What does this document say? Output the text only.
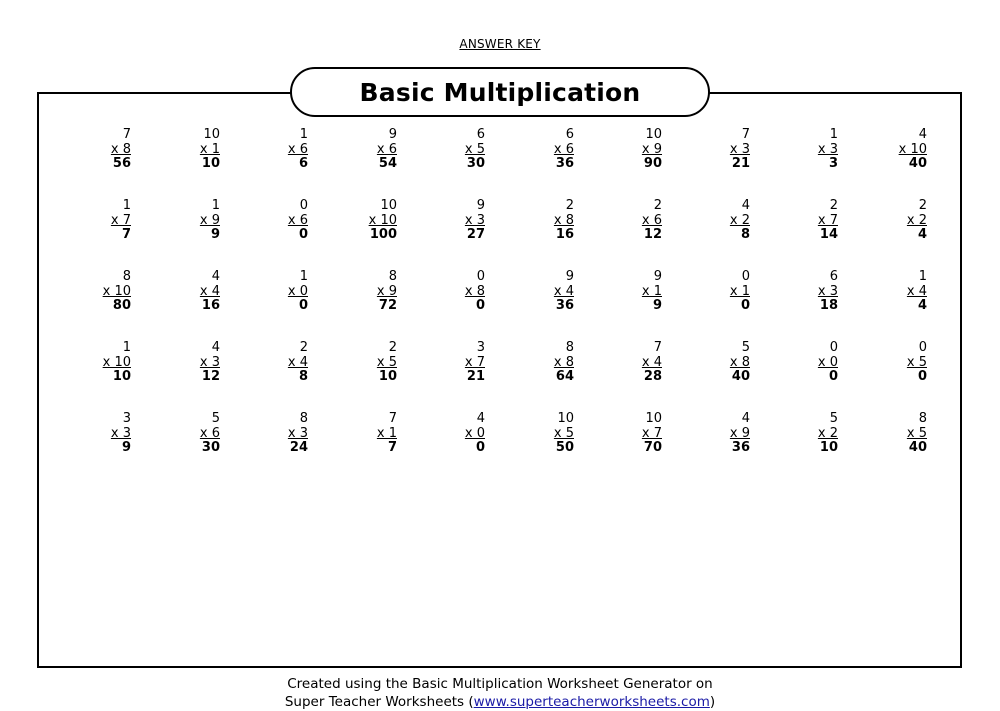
ANSWER KEY
Basic Multiplication
7
x 8
56
10
x 1
10
1
x 6
6
9
x 6
54
6
x 5
30
6
x 6
36
10
x 9
90
7
x 3
21
1
x 3
3
4
x 10
40
1
x 7
7
1
x 9
9
0
x 6
0
10
x 10
100
9
x 3
27
2
x 8
16
2
x 6
12
4
x 2
8
2
x 7
14
2
x 2
4
8
x 10
80
4
x 4
16
1
x 0
0
8
x 9
72
0
x 8
0
9
x 4
36
9
x 1
9
0
x 1
0
6
x 3
18
1
x 4
4
1
x 10
10
4
x 3
12
2
x 4
8
2
x 5
10
3
x 7
21
8
x 8
64
7
x 4
28
5
x 8
40
0
x 0
0
0
x 5
0
3
x 3
9
5
x 6
30
8
x 3
24
7
x 1
7
4
x 0
0
10
x 5
50
10
x 7
70
4
x 9
36
5
x 2
10
8
x 5
40
Created using the Basic Multiplication Worksheet Generator on
Super Teacher Worksheets (www.superteacherworksheets.com)
